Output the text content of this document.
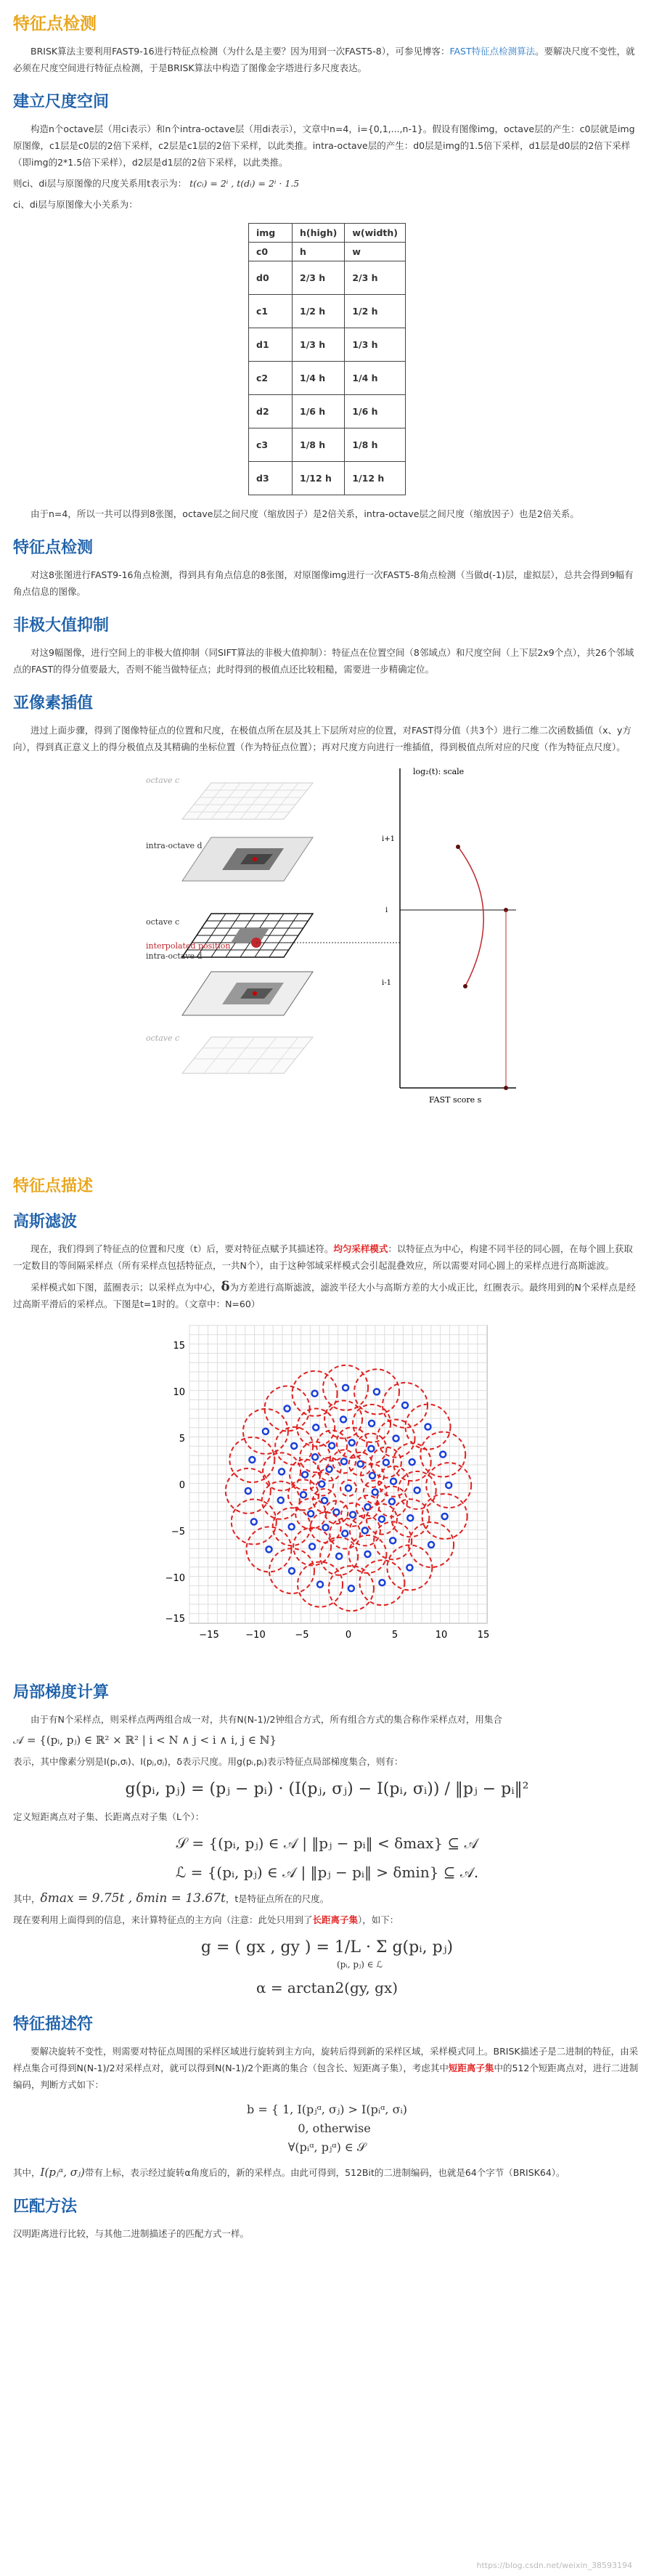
特征点检测

BRISK算法主要利用FAST9-16进行特征点检测（为什么是主要？因为用到一次FAST5-8），可参见博客：FAST特征点检测算法。要解决尺度不变性，就必须在尺度空间进行特征点检测，于是BRISK算法中构造了图像金字塔进行多尺度表达。

建立尺度空间

构造n个octave层（用ci表示）和n个intra-octave层（用di表示），文章中n=4，i={0,1,...,n-1}。假设有图像img，octave层的产生：c0层就是img原图像，c1层是c0层的2倍下采样，c2层是c1层的2倍下采样，以此类推。intra-octave层的产生：d0层是img的1.5倍下采样，d1层是d0层的2倍下采样（即img的2*1.5倍下采样），d2层是d1层的2倍下采样，以此类推。

则ci、di层与原图像的尺度关系用t表示为： t(cᵢ) = 2ⁱ , t(dᵢ) = 2ⁱ · 1.5

ci、di层与原图像大小关系为：

img	h(high)	w(width)
c0	h	w
d0	2/3 h	2/3 h
c1	1/2 h	1/2 h
d1	1/3 h	1/3 h
c2	1/4 h	1/4 h
d2	1/6 h	1/6 h
c3	1/8 h	1/8 h
d3	1/12 h	1/12 h

由于n=4，所以一共可以得到8张图，octave层之间尺度（缩放因子）是2倍关系，intra-octave层之间尺度（缩放因子）也是2倍关系。

特征点检测

对这8张图进行FAST9-16角点检测，得到具有角点信息的8张图，对原图像img进行一次FAST5-8角点检测（当做d(-1)层，虚拟层），总共会得到9幅有角点信息的图像。

非极大值抑制

对这9幅图像，进行空间上的非极大值抑制（同SIFT算法的非极大值抑制）：特征点在位置空间（8邻域点）和尺度空间（上下层2x9个点），共26个邻域点的FAST的得分值要最大，否则不能当做特征点；此时得到的极值点还比较粗糙，需要进一步精确定位。

亚像素插值

进过上面步骤，得到了图像特征点的位置和尺度，在极值点所在层及其上下层所对应的位置，对FAST得分值（共3个）进行二维二次函数插值（x、y方向），得到真正意义上的得分极值点及其精确的坐标位置（作为特征点位置）；再对尺度方向进行一维插值，得到极值点所对应的尺度（作为特征点尺度）。

octave c
intra-octave d
octave c
interpolated position
intra-octave d
octave c
log₂(t): scale
FAST score s
i+1
i
i-1
特征点描述
高斯滤波

现在，我们得到了特征点的位置和尺度（t）后，要对特征点赋予其描述符。均匀采样模式：以特征点为中心，构建不同半径的同心圆，在每个圆上获取一定数目的等间隔采样点（所有采样点包括特征点，一共N个），由于这种邻域采样模式会引起混叠效应，所以需要对同心圆上的采样点进行高斯滤波。

采样模式如下图，蓝圈表示；以采样点为中心，δ为方差进行高斯滤波，滤波半径大小与高斯方差的大小成正比，红圈表示。最终用到的N个采样点是经过高斯平滑后的采样点。下图是t=1时的。（文章中：N=60）

−15	−10	−5	0	5	10	15
15
10
5
0
−5
−10
−15
局部梯度计算

由于有N个采样点，则采样点两两组合成一对，共有N(N-1)/2钟组合方式，所有组合方式的集合称作采样点对，用集合

𝒜 = {(pᵢ, pⱼ) ∈ ℝ² × ℝ² | i < N ∧ j < i ∧ i, j ∈ ℕ}

表示，其中像素分别是I(pᵢ,σᵢ)、I(pⱼ,σⱼ)，δ表示尺度。用g(pᵢ,pⱼ)表示特征点局部梯度集合，则有：

g(pᵢ, pⱼ) = (pⱼ − pᵢ) · (I(pⱼ, σⱼ) − I(pᵢ, σᵢ)) / ‖pⱼ − pᵢ‖²

定义短距离点对子集、长距离点对子集（L个）：

𝒮 = {(pᵢ, pⱼ) ∈ 𝒜 | ‖pⱼ − pᵢ‖ < δmax} ⊆ 𝒜
ℒ = {(pᵢ, pⱼ) ∈ 𝒜 | ‖pⱼ − pᵢ‖ > δmin} ⊆ 𝒜.

其中，δmax = 9.75t , δmin = 13.67t，t是特征点所在的尺度。

现在要利用上面得到的信息，来计算特征点的主方向（注意：此处只用到了长距离子集），如下：

g = ( gx , gy ) = 1/L · Σ g(pᵢ, pⱼ)
(pᵢ, pⱼ) ∈ ℒ
α = arctan2(gy, gx)
特征描述符

要解决旋转不变性，则需要对特征点周围的采样区域进行旋转到主方向，旋转后得到新的采样区域，采样模式同上。BRISK描述子是二进制的特征，由采样点集合可得到N(N-1)/2对采样点对，就可以得到N(N-1)/2个距离的集合（包含长、短距离子集），考虑其中短距离子集中的512个短距离点对，进行二进制编码，判断方式如下：

b = { 1, I(pⱼᵅ, σⱼ) > I(pᵢᵅ, σᵢ)
0, otherwise
∀(pᵢᵅ, pⱼᵅ) ∈ 𝒮

其中，I(pⱼᵅ, σⱼ)带有上标，表示经过旋转α角度后的，新的采样点。由此可得到，512Bit的二进制编码，也就是64个字节（BRISK64）。

匹配方法

汉明距离进行比较，与其他二进制描述子的匹配方式一样。

https://blog.csdn.net/weixin_38593194
